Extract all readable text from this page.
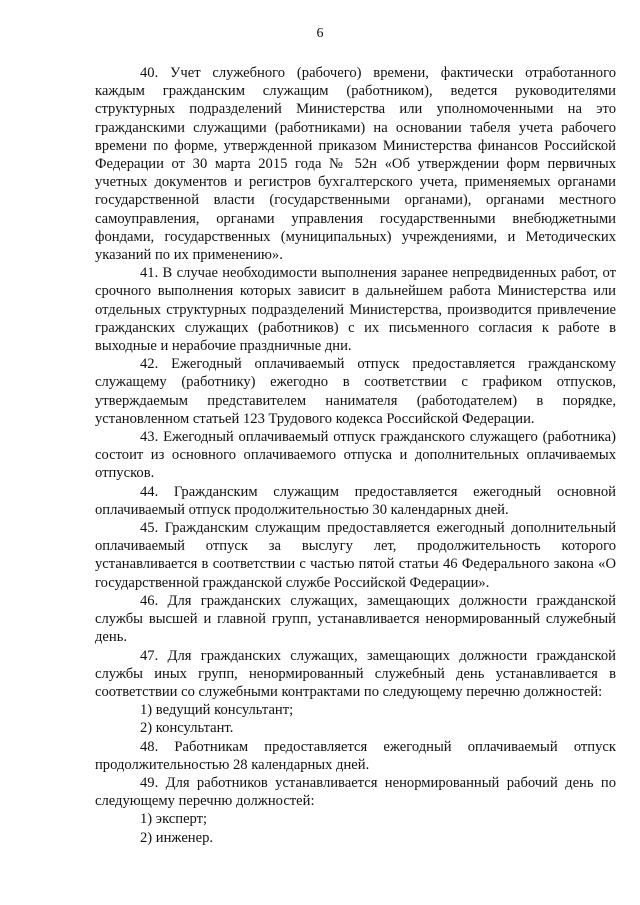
6

40. Учет служебного (рабочего) времени, фактически отработанного каждым гражданским служащим (работником), ведется руководителями структурных подразделений Министерства или уполномоченными на это гражданскими служащими (работниками) на основании табеля учета рабочего времени по форме, утвержденной приказом Министерства финансов Российской Федерации от 30 марта 2015 года № 52н «Об утверждении форм первичных учетных документов и регистров бухгалтерского учета, применяемых органами государственной власти (государственными органами), органами местного самоуправления, органами управления государственными внебюджетными фондами, государственных (муниципальных) учреждениями, и Методических указаний по их применению».

41. В случае необходимости выполнения заранее непредвиденных работ, от срочного выполнения которых зависит в дальнейшем работа Министерства или отдельных структурных подразделений Министерства, производится привлечение гражданских служащих (работников) с их письменного согласия к работе в выходные и нерабочие праздничные дни.

42. Ежегодный оплачиваемый отпуск предоставляется гражданскому служащему (работнику) ежегодно в соответствии с графиком отпусков, утверждаемым представителем нанимателя (работодателем) в порядке, установленном статьей 123 Трудового кодекса Российской Федерации.

43. Ежегодный оплачиваемый отпуск гражданского служащего (работника) состоит из основного оплачиваемого отпуска и дополнительных оплачиваемых отпусков.

44. Гражданским служащим предоставляется ежегодный основной оплачиваемый отпуск продолжительностью 30 календарных дней.

45. Гражданским служащим предоставляется ежегодный дополнительный оплачиваемый отпуск за выслугу лет, продолжительность которого устанавливается в соответствии с частью пятой статьи 46 Федерального закона «О государственной гражданской службе Российской Федерации».

46. Для гражданских служащих, замещающих должности гражданской службы высшей и главной групп, устанавливается ненормированный служебный день.

47. Для гражданских служащих, замещающих должности гражданской службы иных групп, ненормированный служебный день устанавливается в соответствии со служебными контрактами по следующему перечню должностей:

1) ведущий консультант;

2) консультант.

48. Работникам предоставляется ежегодный оплачиваемый отпуск продолжительностью 28 календарных дней.

49. Для работников устанавливается ненормированный рабочий день по следующему перечню должностей:

1) эксперт;

2) инженер.
